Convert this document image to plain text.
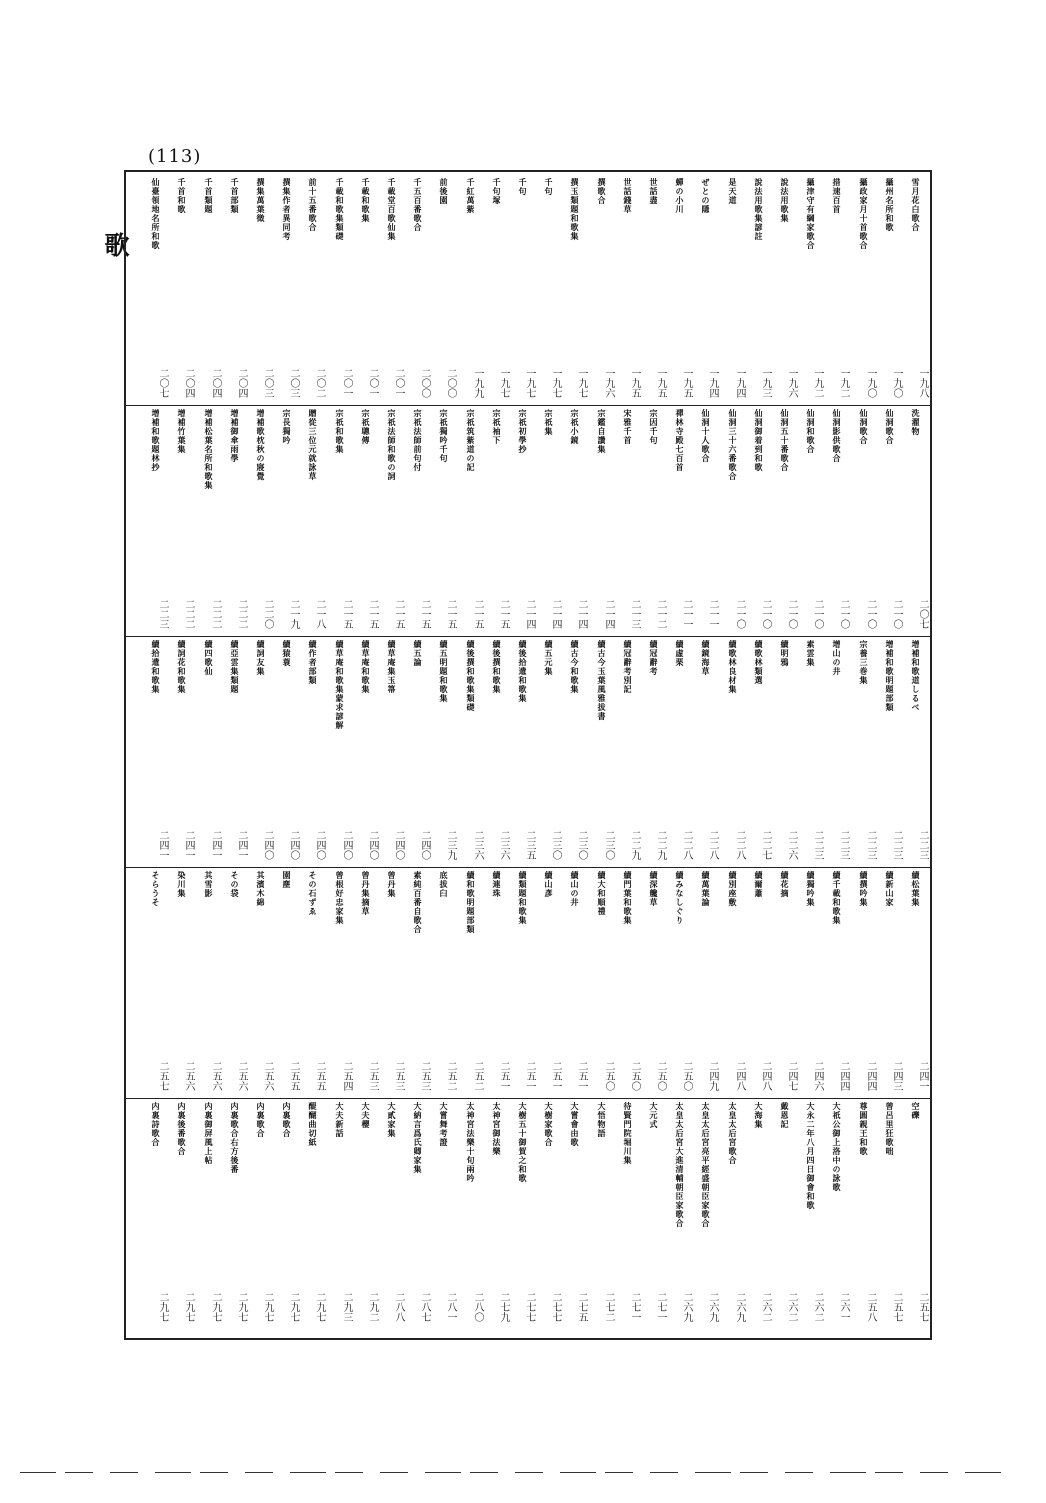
(113)
歌
雪月花白歌合
一九八
攝州名所和歌
一九〇
攝政家月十首歌合
一九〇
措速百首
一九二
攝津守有綱家歌合
一九二
說法用歌集
一九六
說法用歌集諺註
一九三
是天道
一九四
ぜとの隱
一九四
蟬の小川
一九五
世話盡
一九五
世話錢草
一九五
撰歌合
一九六
撰玉類題和歌集
一九七
千句
一九七
千句
一九七
千句塚
一九七
千紅萬紫
一九九
前後園
二〇〇
千五百番歌合
二〇〇
千載堂百歌仙集
二〇一
千載和歌集
二〇一
千載和歌集類礎
二〇一
前十五番歌合
二〇二
撰集作者異同考
二〇三
撰集萬葉徵
二〇三
千首部類
二〇四
千首類題
二〇四
千首和歌
二〇四
仙臺領地名所和歌
二〇七
洗濯物
二〇七
仙洞歌合
二一〇
仙洞歌合
二一〇
仙洞影供歌合
二一〇
仙洞和歌合
二一〇
仙洞五十番歌合
二一〇
仙洞御着到和歌
二一〇
仙洞三十六番歌合
二一〇
仙洞十人歌合
二一一
禪林寺殿七百首
二一一
宗因千句
二一二
宋雅千首
二一三
宗鑑自讚集
二一四
宗祇小鏡
二一四
宗祇集
二一四
宗祇初學抄
二一四
宗祇袖下
二一五
宗祇筑紫道の記
二一五
宗祇獨吟千句
二一五
宗祇法師前句付
二一五
宗祇法師和歌の詞
二一五
宗祇聰傳
二一五
宗祇和歌集
二一五
贈從三位元就詠草
二一八
宗長獨吟
二一九
增補歌枕秋の寢覺
二二〇
增補御傘雨學
二二二
增補松葉名所和歌集
二二二
增補竹葉集
二二二
增補和歌題林抄
二二三
增補和歌道しるべ
二二三
增補和歌明題部類
二二三
宗養三巻集
二二三
增山の井
二二三
素雲集
二二三
續明鴉
二二六
續歌林類選
二二七
續歌林良材集
二二八
續鏡海草
二二八
續虛栗
二二八
續冠辭考
二二九
續冠辭考別記
二二九
續古今玉葉風雅拔書
二三〇
續古今和歌集
二三〇
續五元集
二三〇
續後拾遺和歌集
二三五
續後撰和歌集
二三六
續後撰和歌集類礎
二三六
續五明題和歌集
二三九
續五論
二四〇
續草庵集玉箒
二四〇
續草庵和歌集
二四〇
續草庵和歌集蒙求諺解
二四〇
續作者部類
二四〇
續猿蓑
二四〇
續詞友集
二四〇
續亞雲集類題
二四一
續四歌仙
二四一
續詞花和歌集
二四一
續拾遺和歌集
二四一
續松葉集
二四一
續新山家
二四三
續撰吟集
二四四
續千載和歌集
二四四
續獨吟集
二四六
續花摘
二四七
續爾蕭
二四八
續別座敷
二四八
續萬葉論
二四九
續みなしぐり
二五〇
續深艬草
二五〇
續門葉和歌集
二五〇
續大和順禮
二五〇
續山の井
二五一
續山彥
二五一
續類題和歌集
二五一
續連珠
二五一
續和歌明題部類
二五二
底拔臼
二五二
素純百番自歌合
二五三
曾丹集
二五三
曾丹集摘草
二五三
曾根好忠家集
二五四
その石ずゑ
二五五
園塵
二五五
其濱木綿
二五六
その袋
二五六
其雪影
二五六
染川集
二五六
そらうそ
二五七
空礫
二五七
曾呂里狂歌咄
二五七
尊圓親王和歌
二五八
大祇公御上洛中の詠歌
二六一
大永二年八月四日御會和歌
二六二
戴恩記
二六二
大海集
二六二
太皇太后宮歌合
二六九
太皇太后宮亮平經盛朝臣家歌合
二六九
太皇太后宮大進清輔朝臣家歌合
二六九
大元式
二七一
待賢門院堀川集
二七一
大悟物語
二七二
大嘗會由歌
二七五
大樹家歌合
二七七
大樹五十御賀之和歌
二七七
太神宮御法樂
二七九
太神宮法樂十旬兩吟
二八〇
大嘗舞考證
二八一
大納言爲氏卿家集
二八七
大貳家集
二八八
大夫櫻
二九二
大夫新話
二九三
醍醐曲切紙
二九七
内裏歌合
二九七
内裏歌合
二九七
内裏歌合右方後番
二九七
内裏御屏風上帖
二九七
内裏後番歌合
二九七
内裏詩歌合
二九七
